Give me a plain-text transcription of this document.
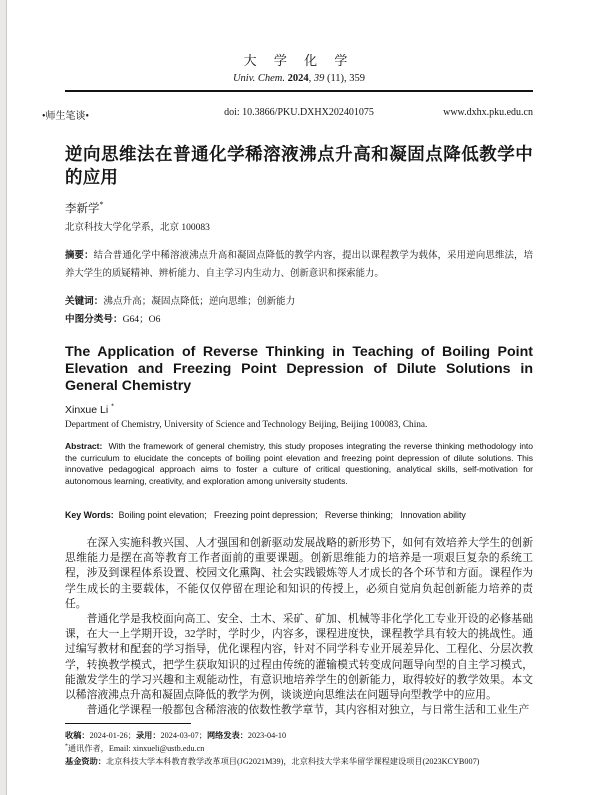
大 学 化 学
Univ. Chem. 2024, 39 (11), 359
•师生笔谈•	doi: 10.3866/PKU.DXHX202401075	www.dxhx.pku.edu.cn
逆向思维法在普通化学稀溶液沸点升高和凝固点降低教学中的应用
李新学*
北京科技大学化学系，北京 100083
摘要：结合普通化学中稀溶液沸点升高和凝固点降低的教学内容，提出以课程教学为载体，采用逆向思维法，培养大学生的质疑精神、辨析能力、自主学习内生动力、创新意识和探索能力。
关键词：沸点升高；凝固点降低；逆向思维；创新能力
中图分类号：G64；O6
The Application of Reverse Thinking in Teaching of Boiling Point Elevation and Freezing Point Depression of Dilute Solutions in General Chemistry
Xinxue Li *
Department of Chemistry, University of Science and Technology Beijing, Beijing 100083, China.
Abstract:  With the framework of general chemistry, this study proposes integrating the reverse thinking methodology into the curriculum to elucidate the concepts of boiling point elevation and freezing point depression of dilute solutions. This innovative pedagogical approach aims to foster a culture of critical questioning, analytical skills, self-motivation for autonomous learning, creativity, and exploration among university students.
Key Words:  Boiling point elevation;   Freezing point depression;   Reverse thinking;   Innovation ability

在深入实施科教兴国、人才强国和创新驱动发展战略的新形势下，如何有效培养大学生的创新思维能力是摆在高等教育工作者面前的重要课题。创新思维能力的培养是一项艰巨复杂的系统工程，涉及到课程体系设置、校园文化熏陶、社会实践锻炼等人才成长的各个环节和方面。课程作为学生成长的主要载体，不能仅仅停留在理论和知识的传授上，必须自觉肩负起创新能力培养的责任。

普通化学是我校面向高工、安全、土木、采矿、矿加、机械等非化学化工专业开设的必修基础课，在大一上学期开设，32学时，学时少，内容多，课程进度快，课程教学具有较大的挑战性。通过编写教材和配套的学习指导，优化课程内容，针对不同学科专业开展差异化、工程化、分层次教学，转换教学模式，把学生获取知识的过程由传统的灌输模式转变成问题导向型的自主学习模式，能激发学生的学习兴趣和主观能动性，有意识地培养学生的创新能力，取得较好的教学效果。本文以稀溶液沸点升高和凝固点降低的教学为例，谈谈逆向思维法在问题导向型教学中的应用。

普通化学课程一般都包含稀溶液的依数性教学章节，其内容相对独立，与日常生活和工业生产

收稿：2024-01-26；录用：2024-03-07；网络发表：2023-04-10
*通讯作者，Email: xinxueli@ustb.edu.cn
基金资助：北京科技大学本科教育教学改革项目(JG2021M39)，北京科技大学来华留学课程建设项目(2023KCYB007)
